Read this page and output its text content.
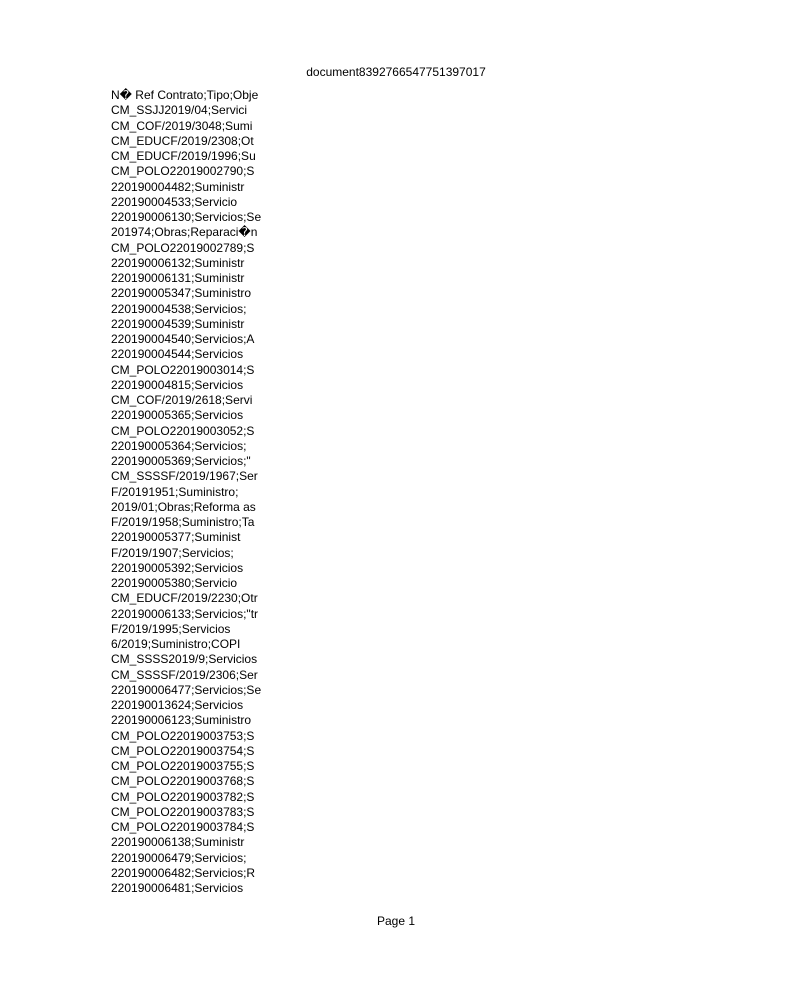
document8392766547751397017
N� Ref Contrato;Tipo;Obje
CM_SSJJ2019/04;Servici
CM_COF/2019/3048;Sumi
CM_EDUCF/2019/2308;Ot
CM_EDUCF/2019/1996;Su
CM_POLO22019002790;S
220190004482;Suministr
220190004533;Servicio
220190006130;Servicios;Se
201974;Obras;Reparaci�n
CM_POLO22019002789;S
220190006132;Suministr
220190006131;Suministr
220190005347;Suministro
220190004538;Servicios;
220190004539;Suministr
220190004540;Servicios;A
220190004544;Servicios
CM_POLO22019003014;S
220190004815;Servicios
CM_COF/2019/2618;Servi
220190005365;Servicios
CM_POLO22019003052;S
220190005364;Servicios;
220190005369;Servicios;"
CM_SSSSF/2019/1967;Ser
F/20191951;Suministro;
2019/01;Obras;Reforma as
F/2019/1958;Suministro;Ta
220190005377;Suminist
F/2019/1907;Servicios;
220190005392;Servicios
220190005380;Servicio
CM_EDUCF/2019/2230;Otr
220190006133;Servicios;"tr
F/2019/1995;Servicios
6/2019;Suministro;COPI
CM_SSSS2019/9;Servicios
CM_SSSSF/2019/2306;Ser
220190006477;Servicios;Se
220190013624;Servicios
220190006123;Suministro
CM_POLO22019003753;S
CM_POLO22019003754;S
CM_POLO22019003755;S
CM_POLO22019003768;S
CM_POLO22019003782;S
CM_POLO22019003783;S
CM_POLO22019003784;S
220190006138;Suministr
220190006479;Servicios;
220190006482;Servicios;R
220190006481;Servicios
Page 1
